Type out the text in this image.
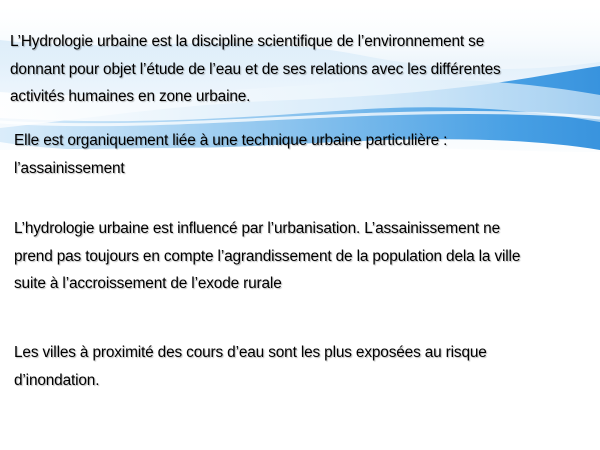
L’Hydrologie urbaine est la discipline scientifique de l’environnement se
donnant pour objet l’étude de l’eau et de ses relations avec les différentes
activités humaines en zone urbaine.

Elle est organiquement liée à une technique urbaine particulière :
l’assainissement

L’hydrologie urbaine est influencé par l’urbanisation. L’assainissement ne
prend pas toujours en compte l’agrandissement de la population dela la ville
suite à l’accroissement de l’exode rurale

Les villes à proximité des cours d’eau sont les plus exposées au risque
d’inondation.
